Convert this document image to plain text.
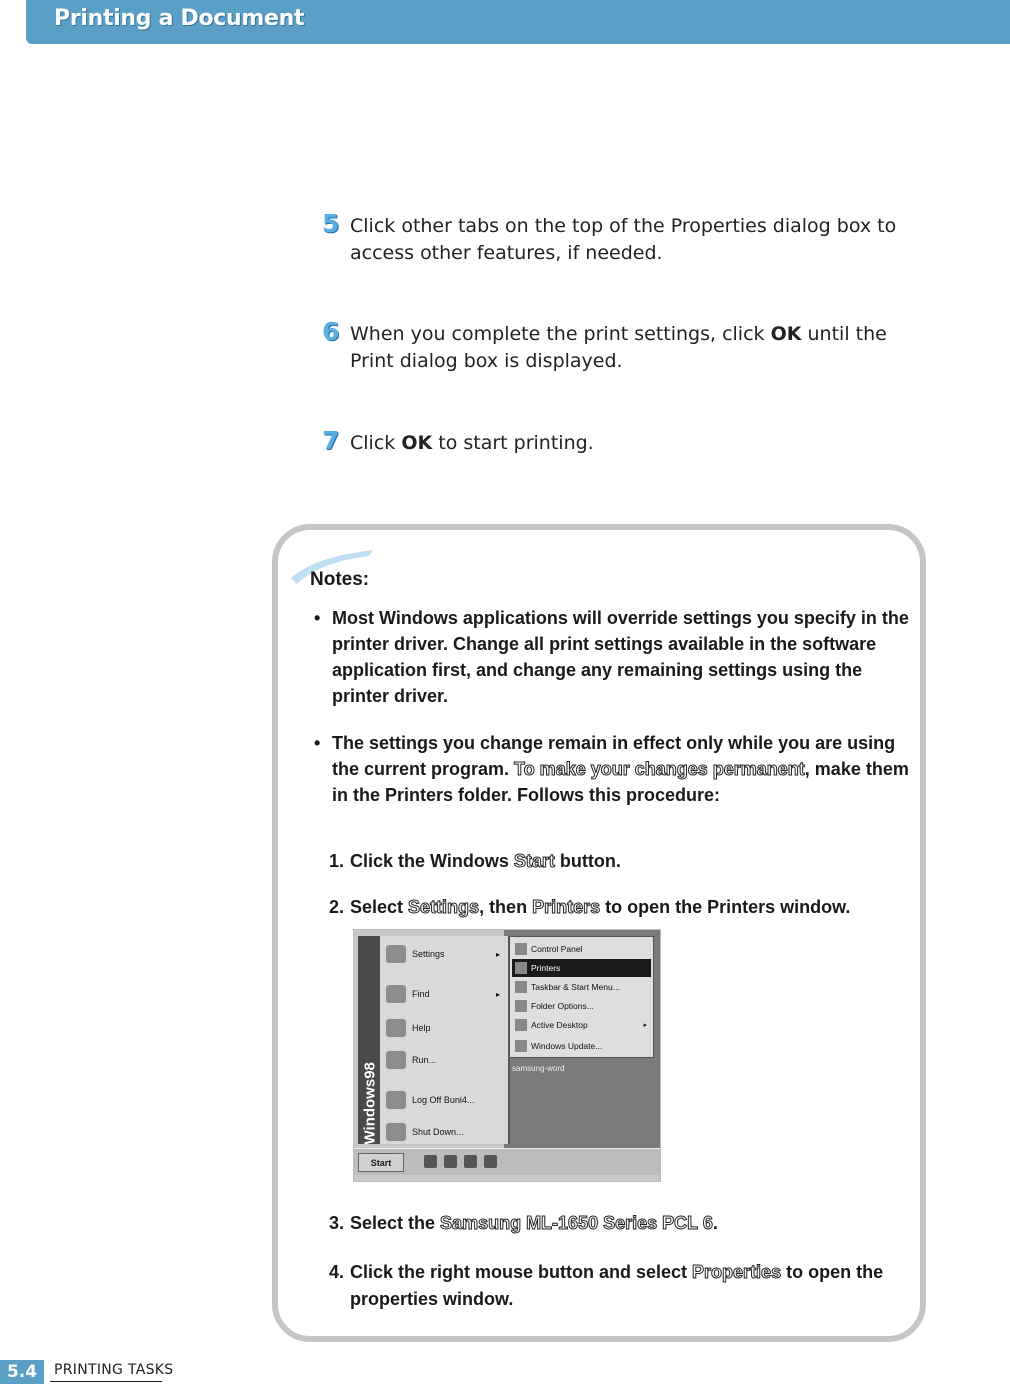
Printing a Document
5 Click other tabs on the top of the Properties dialog box to access other features, if needed.
6 When you complete the print settings, click OK until the Print dialog box is displayed.
7 Click OK to start printing.
Notes:
• Most Windows applications will override settings you specify in the printer driver. Change all print settings available in the software application first, and change any remaining settings using the printer driver.
• The settings you change remain in effect only while you are using the current program. To make your changes permanent, make them in the Printers folder. Follows this procedure:
1. Click the Windows Start button.
2. Select Settings, then Printers to open the Printers window.
Windows98
Settings	▸
Find	▸
Help
Run...
Log Off Buni4...
Shut Down...
Control Panel
Printers
Taskbar & Start Menu...
Folder Options...
Active Desktop	▸
Windows Update...
samsung-word
Start
3. Select the Samsung ML-1650 Series PCL 6.
4. Click the right mouse button and select Properties to open the properties window.
5.4	PRINTING TASKS
